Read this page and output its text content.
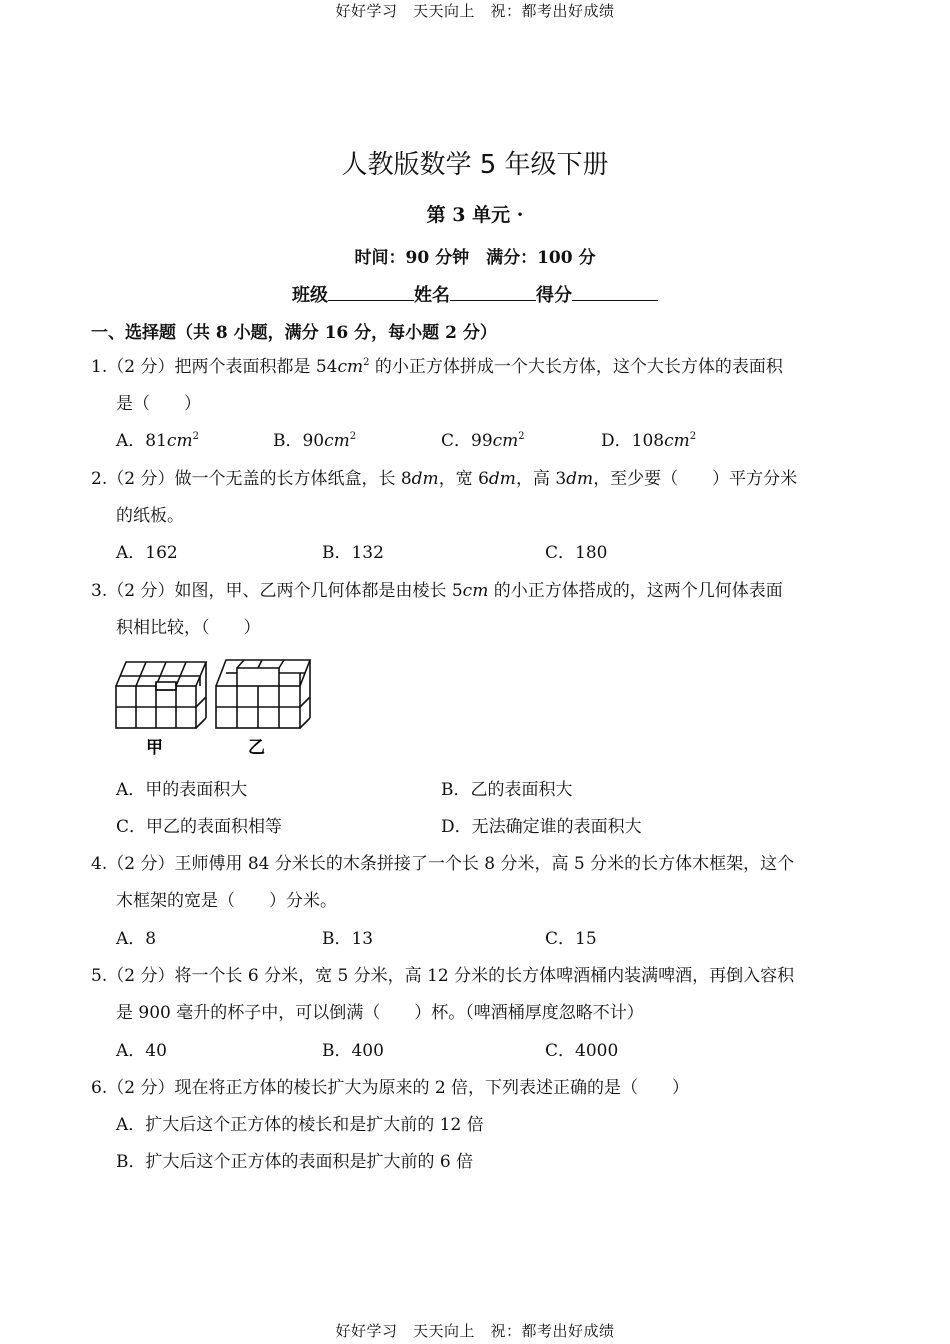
好好学习　天天向上　祝：都考出好成绩
人教版数学 5 年级下册
第 3 单元 ·
时间：90 分钟　满分：100 分
班级	姓名	得分
一、选择题（共 8 小题，满分 16 分，每小题 2 分）
1.（2 分）把两个表面积都是 $54cm^2$ 的小正方体拼成一个大长方体，这个大长方体的表面积
是（　　）
A．$81cm^2$	B．$90cm^2$	C．$99cm^2$	D．$108cm^2$
2.（2 分）做一个无盖的长方体纸盒，长 8dm，宽 6dm，高 3dm，至少要（　　）平方分米
的纸板。
A．162	B．132	C．180
3.（2 分）如图，甲、乙两个几何体都是由棱长 5cm 的小正方体搭成的，这两个几何体表面
积相比较，（　　）
甲	乙
A．甲的表面积大	B．乙的表面积大
C．甲乙的表面积相等	D．无法确定谁的表面积大
4.（2 分）王师傅用 84 分米长的木条拼接了一个长 8 分米，高 5 分米的长方体木框架，这个
木框架的宽是（　　）分米。
A．8	B．13	C．15
5.（2 分）将一个长 6 分米，宽 5 分米，高 12 分米的长方体啤酒桶内装满啤酒，再倒入容积
是 900 毫升的杯子中，可以倒满（　　）杯。（啤酒桶厚度忽略不计）
A．40	B．400	C．4000
6.（2 分）现在将正方体的棱长扩大为原来的 2 倍，下列表述正确的是（　　）
A．扩大后这个正方体的棱长和是扩大前的 12 倍
B．扩大后这个正方体的表面积是扩大前的 6 倍
好好学习　天天向上　祝：都考出好成绩
